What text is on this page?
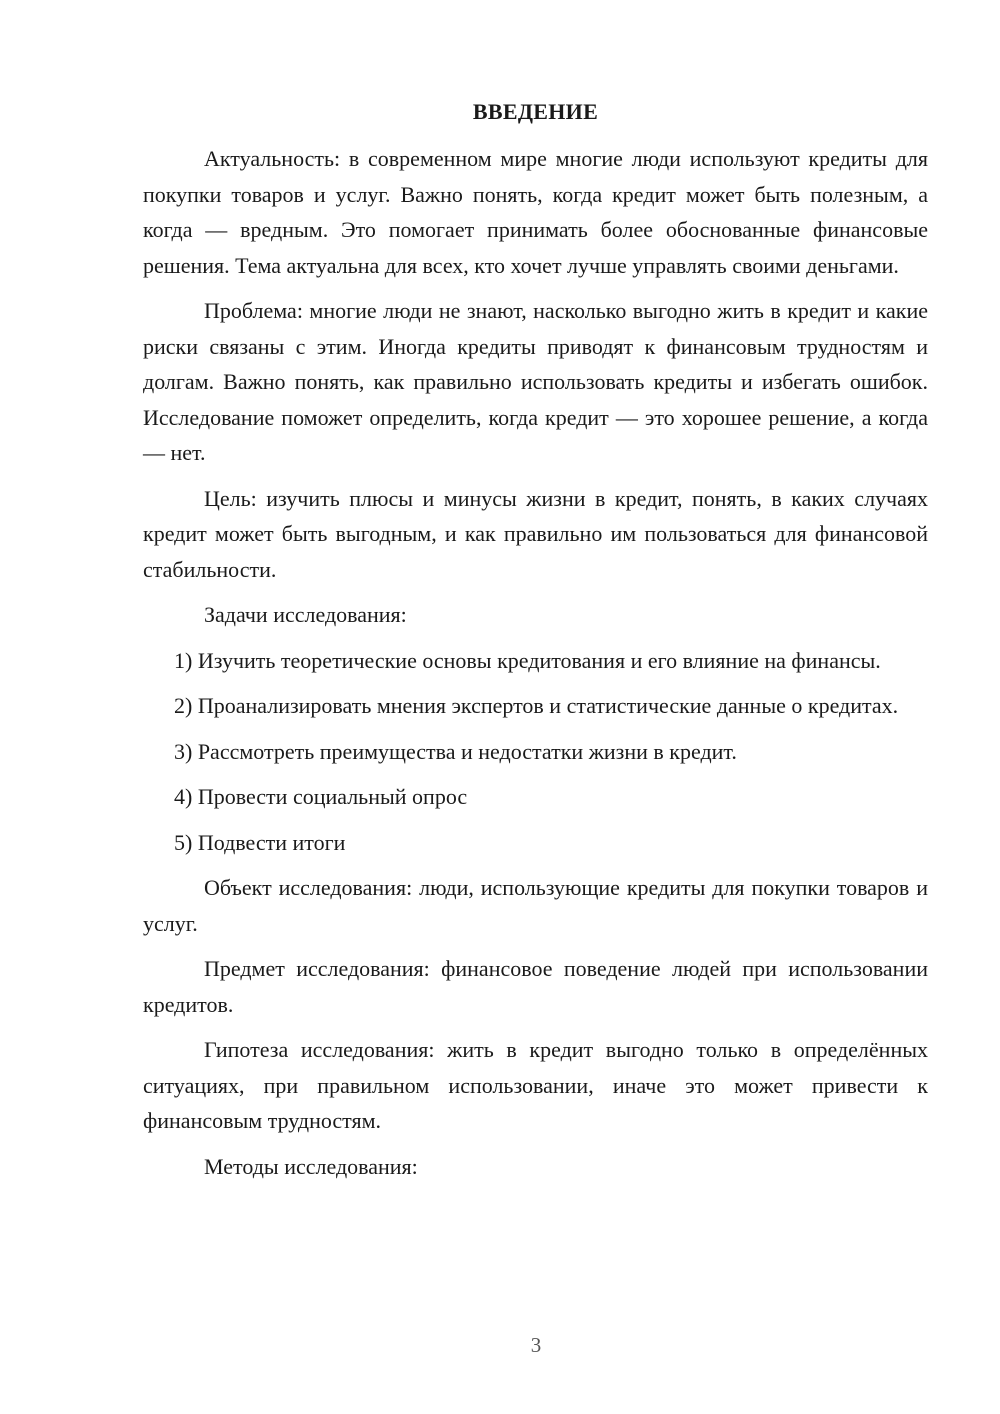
ВВЕДЕНИЕ

Актуальность: в современном мире многие люди используют кредиты для покупки товаров и услуг. Важно понять, когда кредит может быть полезным, а когда — вредным. Это помогает принимать более обоснованные финансовые решения. Тема актуальна для всех, кто хочет лучше управлять своими деньгами.

Проблема: многие люди не знают, насколько выгодно жить в кредит и какие риски связаны с этим. Иногда кредиты приводят к финансовым трудностям и долгам. Важно понять, как правильно использовать кредиты и избегать ошибок. Исследование поможет определить, когда кредит — это хорошее решение, а когда — нет.

Цель: изучить плюсы и минусы жизни в кредит, понять, в каких случаях кредит может быть выгодным, и как правильно им пользоваться для финансовой стабильности.

Задачи исследования:

1) Изучить теоретические основы кредитования и его влияние на финансы.

2) Проанализировать мнения экспертов и статистические данные о кредитах.

3) Рассмотреть преимущества и недостатки жизни в кредит.

4) Провести социальный опрос

5) Подвести итоги

Объект исследования: люди, использующие кредиты для покупки товаров и услуг.

Предмет исследования: финансовое поведение людей при использовании кредитов.

Гипотеза исследования: жить в кредит выгодно только в определённых ситуациях, при правильном использовании, иначе это может привести к финансовым трудностям.

Методы исследования:

3
